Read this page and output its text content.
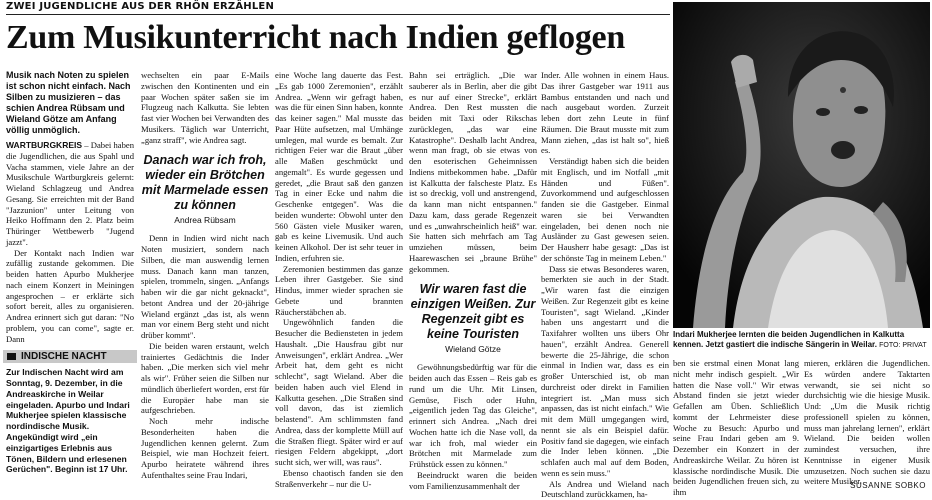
ZWEI JUGENDLICHE AUS DER RHÖN ERZÄHLEN
Zum Musikunterricht nach Indien geflogen

Musik nach Noten zu spielen ist schon nicht einfach. Nach Silben zu musizieren – das schien Andrea Rübsam und Wieland Götze am Anfang völlig unmöglich.

WARTBURGKREIS – Dabei haben die Jugendlichen, die aus Spahl und Vacha stammen, viele Jahre an der Musikschule Wartburgkreis gelernt: Wieland Schlagzeug und Andrea Gesang. Sie erreichten mit der Band "Jazzunion" unter Leitung von Heiko Hoffmann den 2. Platz beim Thüringer Wettbewerb "Jugend jazzt".

Der Kontakt nach Indien war zufällig zustande gekommen. Die beiden hatten Apurbo Mukherjee nach einem Konzert in Meiningen angesprochen – er erklärte sich sofort bereit, alles zu organisieren. Andrea erinnert sich gut daran: "No problem, you can come", sagte er. Dann

INDISCHE NACHT

Zur Indischen Nacht wird am Sonntag, 9. Dezember, in die Andreaskirche in Weilar eingeladen. Apurbo und Indari Mukherjee spielen klassische nordindische Musik. Angekündigt wird „ein einzigartiges Erlebnis aus Tönen, Bildern und erlesenen Gerüchen". Beginn ist 17 Uhr.

wechselten ein paar E-Mails zwischen den Kontinenten und ein paar Wochen später saßen sie im Flugzeug nach Kalkutta. Sie lebten fast vier Wochen bei Verwandten des Musikers. Täglich war Unterricht, „ganz straff", wie Andrea sagt.

Danach war ich froh, wieder ein Brötchen mit Marmelade essen zu können
Andrea Rübsam

Denn in Indien wird nicht nach Noten musiziert, sondern nach Silben, die man auswendig lernen muss. Danach kann man tanzen, spielen, trommeln, singen. „Anfangs haben wir die gar nicht geknackt", betont Andrea und der 20-jährige Wieland ergänzt „das ist, als wenn man vor einem Berg steht und nicht drüber kommt".

Die beiden waren erstaunt, welch trainiertes Gedächtnis die Inder haben. „Die merken sich viel mehr als wir". Früher seien die Silben nur mündlich überliefert worden, erst für die Europäer habe man sie aufgeschrieben.

Noch mehr indische Besonderheiten haben die Jugendlichen kennen gelernt. Zum Beispiel, wie man Hochzeit feiert. Apurbo heiratete während ihres Aufenthaltes seine Frau Indari,

eine Woche lang dauerte das Fest. „Es gab 1000 Zeremonien", erzählt Andrea. „Wenn wir gefragt haben, was die für einen Sinn haben, konnte das keiner sagen." Mal musste das Paar Hüte aufsetzen, mal Umhänge umlegen, mal wurde es bemalt. Zur richtigen Feier war die Braut „über alle Maßen geschmückt und angemalt". Es wurde gegessen und geredet, „die Braut saß den ganzen Tag in einer Ecke und nahm die Geschenke entgegen". Was die beiden wunderte: Obwohl unter den 560 Gästen viele Musiker waren, gab es keine Livemusik. Und auch keinen Alkohol. Der ist sehr teuer in Indien, erfuhren sie.

Zeremonien bestimmen das ganze Leben ihrer Gastgeber. Sie sind Hindus, immer wieder sprachen sie Gebete und brannten Räucherstäbchen ab.

Ungewöhnlich fanden die Besucher die Bediensteten in jedem Haushalt. „Die Hausfrau gibt nur Anweisungen", erklärt Andrea. „Wer Arbeit hat, dem geht es nicht schlecht", sagt Wieland. Aber die beiden haben auch viel Elend in Kalkutta gesehen. „Die Straßen sind voll davon, das ist ziemlich belastend". Am schlimmsten fand Andrea, dass der komplette Müll auf die Straßen fliegt. Später wird er auf riesigen Feldern abgekippt, „dort sucht sich, wer will, was raus".

Ebenso chaotisch fanden sie den Straßenverkehr – nur die U-

Bahn sei erträglich. „Die war sauberer als in Berlin, aber die gibt es nur auf einer Strecke", erklärt Andrea. Den Rest mussten die beiden mit Taxi oder Rikschas zurücklegen, „das war eine Katastrophe". Deshalb lacht Andrea, wenn man fragt, ob sie etwas von den esoterischen Geheimnissen Indiens mitbekommen habe. „Dafür ist Kalkutta der falscheste Platz. Es ist so dreckig, voll und anstrengend, da kann man nicht entspannen." Dazu kam, dass gerade Regenzeit und es „unwahrscheinlich heiß" war. Sie hatten sich mehrfach am Tag umziehen müssen, beim Haarewaschen sei „braune Brühe" gekommen.

Wir waren fast die einzigen Weißen. Zur Regenzeit gibt es keine Touristen
Wieland Götze

Gewöhnungsbedürftig war für die beiden auch das Essen – Reis gab es rund um die Uhr. Mit Linsen, Gemüse, Fisch oder Huhn, „eigentlich jeden Tag das Gleiche", erinnert sich Andrea. „Nach drei Wochen hatte ich die Nase voll, da war ich froh, mal wieder ein Brötchen mit Marmelade zum Frühstück essen zu können."

Beeindruckt waren die beiden vom Familienzusammenhalt der

Inder. Alle wohnen in einem Haus. Das ihrer Gastgeber war 1911 aus Bambus entstanden und nach und nach ausgebaut worden. Zurzeit leben dort zehn Leute in fünf Räumen. Die Braut musste mit zum Mann ziehen, „das ist halt so", hieß es.

Verständigt haben sich die beiden mit Englisch, und im Notfall „mit Händen und Füßen". Zuvorkommend und aufgeschlossen fanden sie die Gastgeber. Einmal waren sie bei Verwandten eingeladen, bei denen noch nie Ausländer zu Gast gewesen seien. Der Hausherr habe gesagt: „Das ist der schönste Tag in meinem Leben."

Dass sie etwas Besonderes waren, bemerkten sie auch in der Stadt. „Wir waren fast die einzigen Weißen. Zur Regenzeit gibt es keine Touristen", sagt Wieland. „Kinder haben uns angestarrt und die Taxifahrer wollten uns übers Ohr hauen", erzählt Andrea. Generell bewerte die 25-Jährige, die schon einmal in Indien war, dass es ein großer Unterschied ist, ob man durchreist oder direkt in Familien integriert ist. „Man muss sich anpassen, das ist nicht einfach." Wie mit dem Müll umgegangen wird, nennt sie als ein Beispiel dafür. Positiv fand sie dagegen, wie einfach die Inder leben können. „Die schlafen auch mal auf dem Boden, wenn es sein muss."

Als Andrea und Wieland nach Deutschland zurückkamen, ha-

Indari Mukherjee lernten die beiden Jugendlichen in Kalkutta kennen. Jetzt gastiert die indische Sängerin in Weilar. FOTO: PRIVAT

ben sie erstmal einen Monat lang nicht mehr indisch gespielt. „Wir hatten die Nase voll." Wir etwas Abstand finden sie jetzt wieder Gefallen am Üben. Schließlich kommt der Lehrmeister diese Woche zu Besuch: Apurbo und seine Frau Indari geben am 9. Dezember ein Konzert in der Andreaskirche Weilar. Zu hören ist klassische nordindische Musik. Die beiden Jugendlichen freuen sich, zu ihm

mieren, erklären die Jugendlichen. Es würden andere Taktarten verwandt, sie sei nicht so durchsichtig wie die hiesige Musik. Und: „Um die Musik richtig professionell spielen zu können, muss man jahrelang lernen", erklärt Wieland. Die beiden wollen zumindest versuchen, ihre Kenntnisse in eigener Musik umzusetzen. Noch suchen sie dazu weitere Musiker.

SUSANNE SOBKO
